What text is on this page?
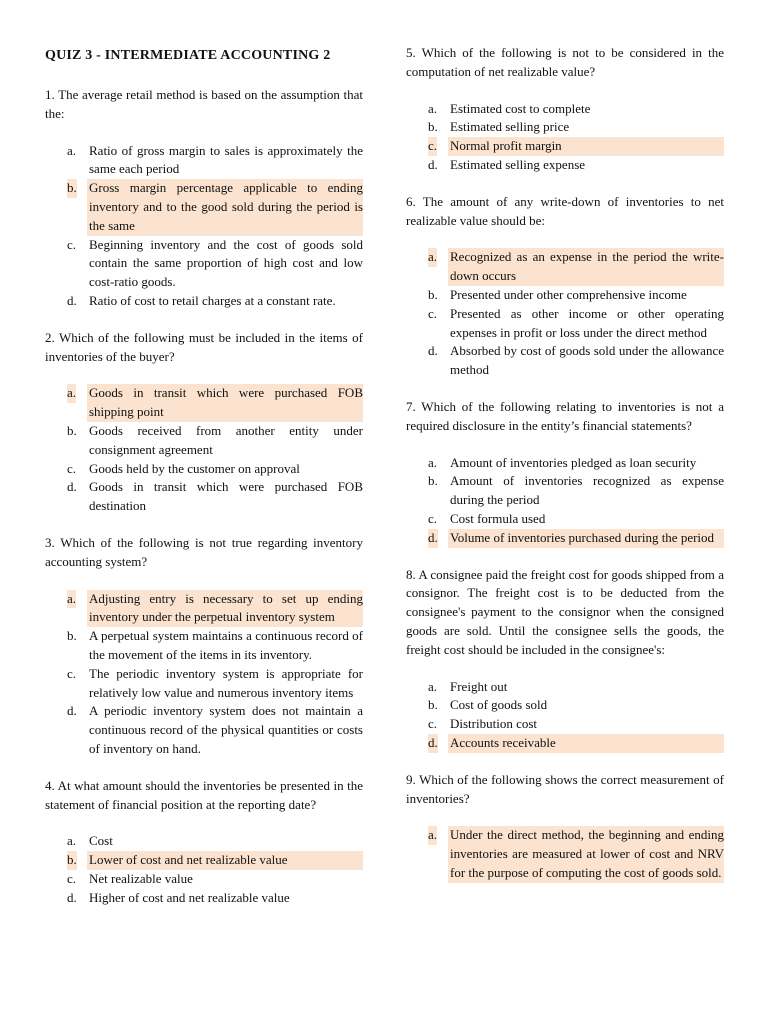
QUIZ 3 - INTERMEDIATE ACCOUNTING 2
1. The average retail method is based on the assumption that the:
a. Ratio of gross margin to sales is approximately the same each period
b. Gross margin percentage applicable to ending inventory and to the good sold during the period is the same
c. Beginning inventory and the cost of goods sold contain the same proportion of high cost and low cost-ratio goods.
d. Ratio of cost to retail charges at a constant rate.
2. Which of the following must be included in the items of inventories of the buyer?
a. Goods in transit which were purchased FOB shipping point
b. Goods received from another entity under consignment agreement
c. Goods held by the customer on approval
d. Goods in transit which were purchased FOB destination
3. Which of the following is not true regarding inventory accounting system?
a. Adjusting entry is necessary to set up ending inventory under the perpetual inventory system
b. A perpetual system maintains a continuous record of the movement of the items in its inventory.
c. The periodic inventory system is appropriate for relatively low value and numerous inventory items
d. A periodic inventory system does not maintain a continuous record of the physical quantities or costs of inventory on hand.
4. At what amount should the inventories be presented in the statement of financial position at the reporting date?
a. Cost
b. Lower of cost and net realizable value
c. Net realizable value
d. Higher of cost and net realizable value
5. Which of the following is not to be considered in the computation of net realizable value?
a. Estimated cost to complete
b. Estimated selling price
c. Normal profit margin
d. Estimated selling expense
6. The amount of any write-down of inventories to net realizable value should be:
a. Recognized as an expense in the period the write-down occurs
b. Presented under other comprehensive income
c. Presented as other income or other operating expenses in profit or loss under the direct method
d. Absorbed by cost of goods sold under the allowance method
7. Which of the following relating to inventories is not a required disclosure in the entity’s financial statements?
a. Amount of inventories pledged as loan security
b. Amount of inventories recognized as expense during the period
c. Cost formula used
d. Volume of inventories purchased during the period
8. A consignee paid the freight cost for goods shipped from a consignor. The freight cost is to be deducted from the consignee's payment to the consignor when the consigned goods are sold. Until the consignee sells the goods, the freight cost should be included in the consignee's:
a. Freight out
b. Cost of goods sold
c. Distribution cost
d. Accounts receivable
9. Which of the following shows the correct measurement of inventories?
a. Under the direct method, the beginning and ending inventories are measured at lower of cost and NRV for the purpose of computing the cost of goods sold.
